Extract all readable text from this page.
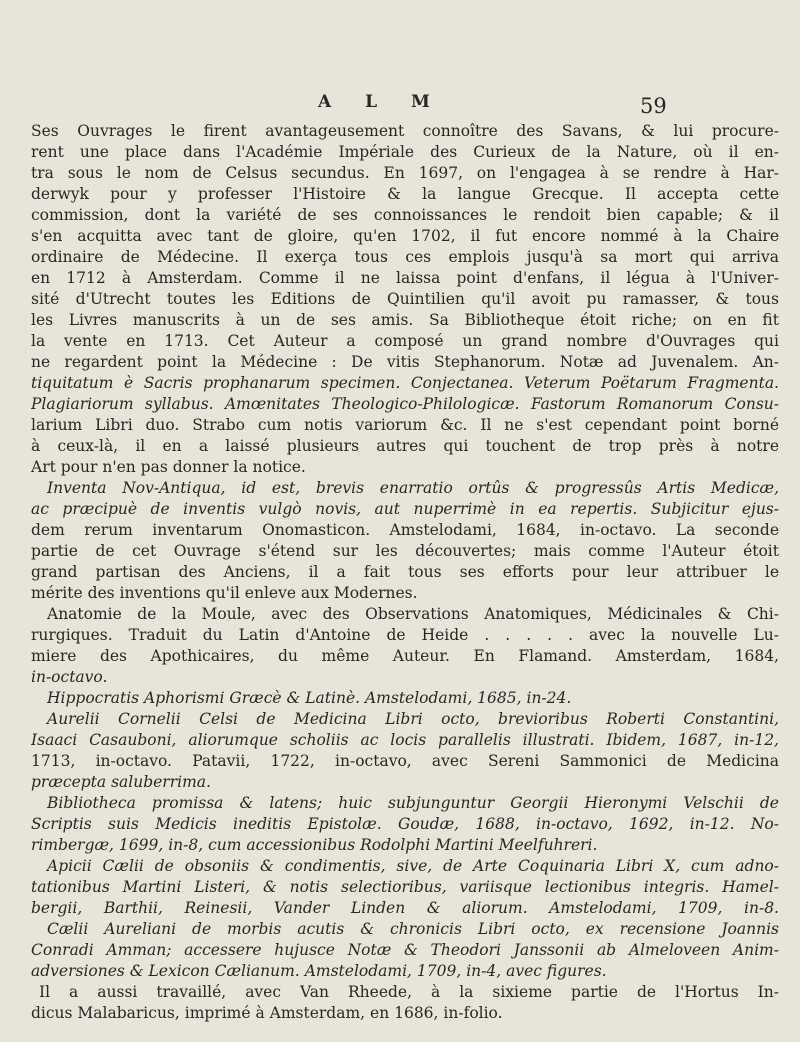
A L M	59
Ses Ouvrages le firent avantageusement connoître des Savans, & lui procure-
rent une place dans l'Académie Impériale des Curieux de la Nature, où il en-
tra sous le nom de Celsus secundus. En 1697, on l'engagea à se rendre à Har-
derwyk pour y professer l'Histoire & la langue Grecque. Il accepta cette
commission, dont la variété de ses connoissances le rendoit bien capable; & il
s'en acquitta avec tant de gloire, qu'en 1702, il fut encore nommé à la Chaire
ordinaire de Médecine. Il exerça tous ces emplois jusqu'à sa mort qui arriva
en 1712 à Amsterdam. Comme il ne laissa point d'enfans, il légua à l'Univer-
sité d'Utrecht toutes les Editions de Quintilien qu'il avoit pu ramasser, & tous
les Livres manuscrits à un de ses amis. Sa Bibliotheque étoit riche; on en fit
la vente en 1713. Cet Auteur a composé un grand nombre d'Ouvrages qui
ne regardent point la Médecine : De vitis Stephanorum. Notæ ad Juvenalem. An-
tiquitatum è Sacris prophanarum specimen. Conjectanea. Veterum Poëtarum Fragmenta.
Plagiariorum syllabus. Amœnitates Theologico-Philologicæ. Fastorum Romanorum Consu-
larium Libri duo. Strabo cum notis variorum &c. Il ne s'est cependant point borné
à ceux-là, il en a laissé plusieurs autres qui touchent de trop près à notre
Art pour n'en pas donner la notice.
Inventa Nov-Antiqua, id est, brevis enarratio ortûs & progressûs Artis Medicæ,
ac præcipuè de inventis vulgò novis, aut nuperrimè in ea repertis. Subjicitur ejus-
dem rerum inventarum Onomasticon. Amstelodami, 1684, in-octavo. La seconde
partie de cet Ouvrage s'étend sur les découvertes; mais comme l'Auteur étoit
grand partisan des Anciens, il a fait tous ses efforts pour leur attribuer le
mérite des inventions qu'il enleve aux Modernes.
Anatomie de la Moule, avec des Observations Anatomiques, Médicinales & Chi-
rurgiques. Traduit du Latin d'Antoine de Heide . . . . . avec la nouvelle Lu-
miere des Apothicaires, du même Auteur. En Flamand. Amsterdam, 1684,
in-octavo.
Hippocratis Aphorismi Græcè & Latinè. Amstelodami, 1685, in-24.
Aurelii Cornelii Celsi de Medicina Libri octo, brevioribus Roberti Constantini,
Isaaci Casauboni, aliorumque scholiis ac locis parallelis illustrati. Ibidem, 1687, in-12,
1713, in-octavo. Patavii, 1722, in-octavo, avec Sereni Sammonici de Medicina
præcepta saluberrima.
Bibliotheca promissa & latens; huic subjunguntur Georgii Hieronymi Velschii de
Scriptis suis Medicis ineditis Epistolæ. Goudæ, 1688, in-octavo, 1692, in-12. No-
rimbergæ, 1699, in-8, cum accessionibus Rodolphi Martini Meelfuhreri.
Apicii Cælii de obsoniis & condimentis, sive, de Arte Coquinaria Libri X, cum adno-
tationibus Martini Listeri, & notis selectioribus, variisque lectionibus integris. Hamel-
bergii, Barthii, Reinesii, Vander Linden & aliorum. Amstelodami, 1709, in-8.
Cælii Aureliani de morbis acutis & chronicis Libri octo, ex recensione Joannis
Conradi Amman; accessere hujusce Notæ & Theodori Janssonii ab Almeloveen Anim-
adversiones & Lexicon Cælianum. Amstelodami, 1709, in-4, avec figures.
Il a aussi travaillé, avec Van Rheede, à la sixieme partie de l'Hortus In-
dicus Malabaricus, imprimé à Amsterdam, en 1686, in-folio.
